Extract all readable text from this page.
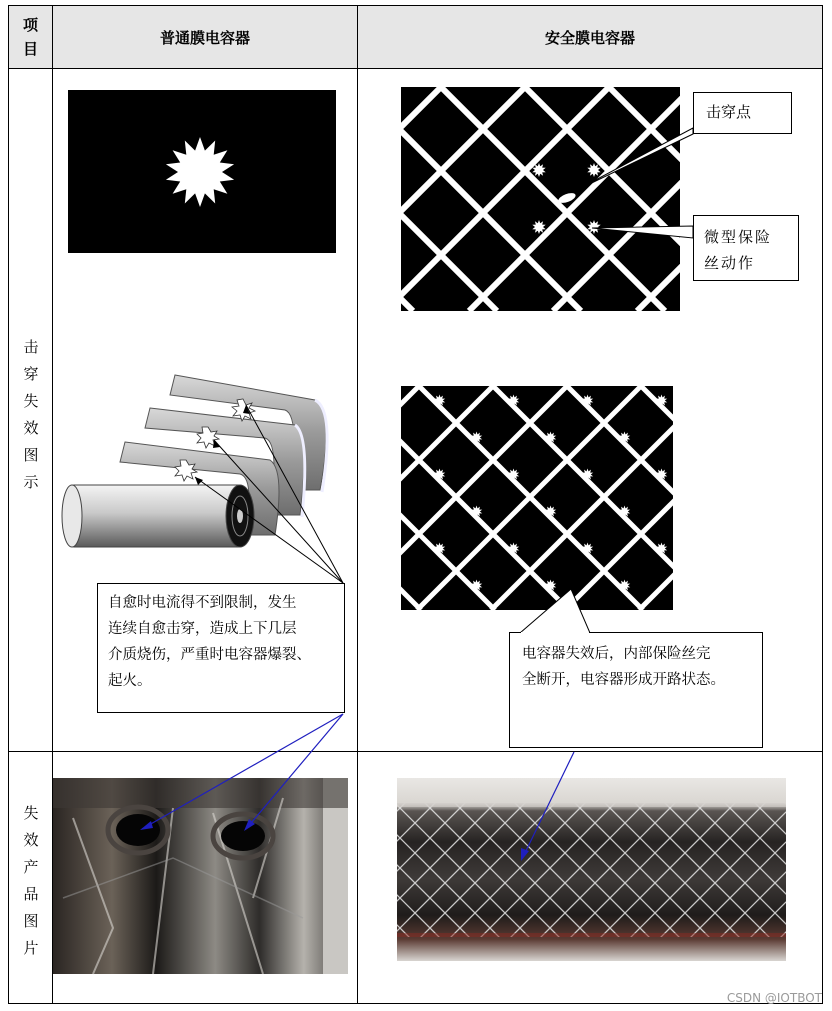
项目
普通膜电容器	安全膜电容器
击
穿
失
效
图
示
失
效
产
品
图
片
自愈时电流得不到限制，发生
连续自愈击穿，造成上下几层
介质烧伤，严重时电容器爆裂、
起火。
击穿点
微型保险丝动作
电容器失效后，内部保险丝完
全断开，电容器形成开路状态。
CSDN @IOTBOT
